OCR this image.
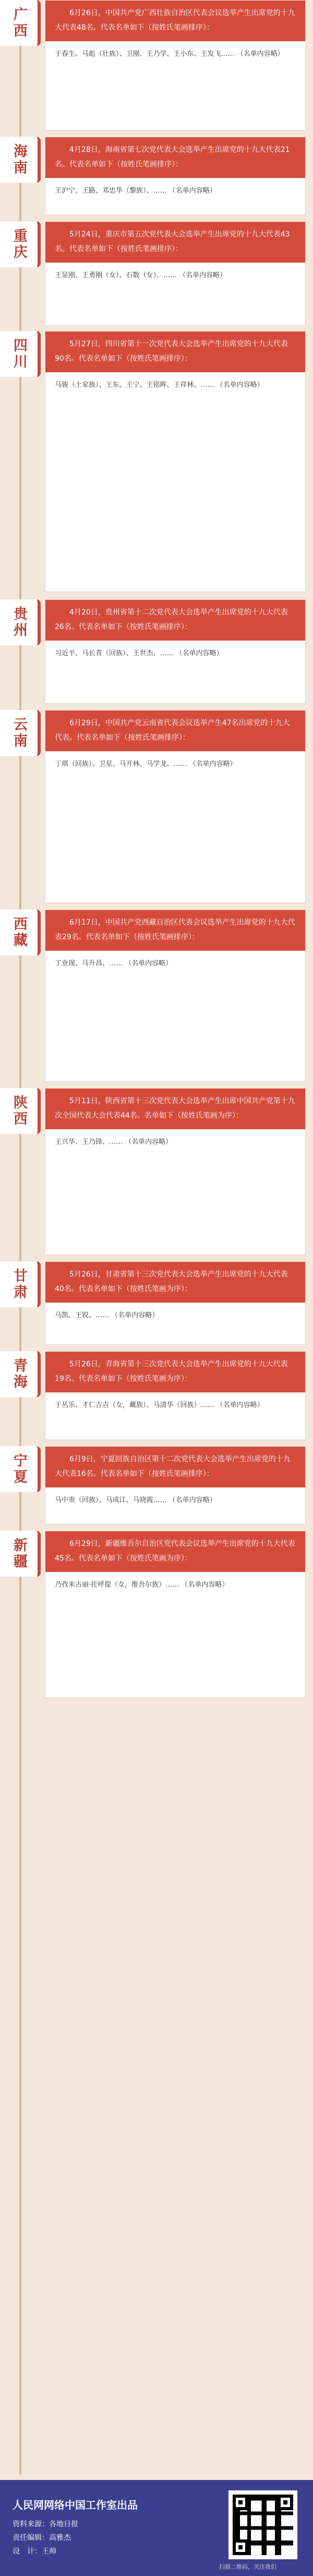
广西	6月26日，中国共产党广西壮族自治区代表会议选举产生出席党的十九大代表48名。代表名单如下（按姓氏笔画排序）：
于春生、马彪（壮族）、卫刚、王乃学、王小东、王发飞…… （名单内容略）
海南	4月28日，海南省第七次党代表大会选举产生出席党的十九大代表21名。代表名单如下（按姓氏笔画排序）：
王沪宁、王路、邓忠华（黎族）、…… （名单内容略）
重庆	5月24日，重庆市第五次党代表大会选举产生出席党的十九大代表43名。代表名单如下（按姓氏笔画排序）：
王显刚、王勇刚（女）、石数（女）、…… （名单内容略）
四川	5月27日，四川省第十一次党代表大会选举产生出席党的十九大代表90名。代表名单如下（按姓氏笔画排序）：
马骏（土家族）、王东、王宁、王铭晖、王祥林、…… （名单内容略）
贵州	4月20日，贵州省第十二次党代表大会选举产生出席党的十九大代表26名。代表名单如下（按姓氏笔画排序）：
习近平、马长青（回族）、王世杰、…… （名单内容略）
云南	6月29日，中国共产党云南省代表会议选举产生47名出席党的十九大代表。代表名单如下（按姓氏笔画排序）：
丁琪（回族）、卫星、马开林、马学龙、…… （名单内容略）
西藏	6月17日，中国共产党西藏自治区代表会议选举产生出席党的十九大代表29名。代表名单如下（按姓氏笔画排序）：
丁业现、马升昌、…… （名单内容略）
陕西	5月11日，陕西省第十三次党代表大会选举产生出席中国共产党第十九次全国代表大会代表44名。名单如下（按姓氏笔画为序）：
王兴华、王乃锋、…… （名单内容略）
甘肃	5月26日，甘肃省第十三次党代表大会选举产生出席党的十九大代表40名。代表名单如下（按姓氏笔画为序）：
马凯、王锐、…… （名单内容略）
青海	5月26日，青海省第十三次党代表大会选举产生出席党的十九大代表19名。代表名单如下（按姓氏笔画为序）：
于丛乐、才仁吉吉（女，藏族）、马清华（回族）…… （名单内容略）
宁夏	6月9日，宁夏回族自治区第十二次党代表大会选举产生出席党的十九大代表16名。代表名单如下（按姓氏笔画排序）：
马中贵（回族）、马成江、马晓霞…… （名单内容略）
新疆	6月29日，新疆维吾尔自治区党代表会议选举产生出席党的十九大代表45名。代表名单如下（按姓氏笔画为序）：
乃孜米古丽·托呼提（女，维吾尔族）…… （名单内容略）
人民网网络中国工作室出品
资料来源：各地日报
责任编辑：高雅杰
设　计：王帅
扫描二维码，关注我们
